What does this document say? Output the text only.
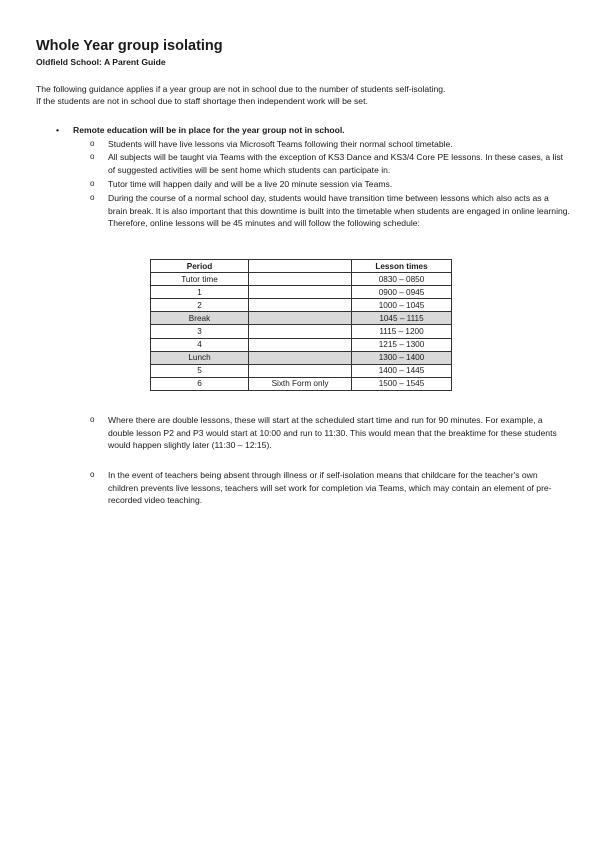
Whole Year group isolating
Oldfield School: A Parent Guide

The following guidance applies if a year group are not in school due to the number of students self-isolating.

If the students are not in school due to staff shortage then independent work will be set.

• Remote education will be in place for the year group not in school.
o Students will have live lessons via Microsoft Teams following their normal school timetable.
o All subjects will be taught via Teams with the exception of KS3 Dance and KS3/4 Core PE lessons. In these cases, a list of suggested activities will be sent home which students can participate in.
o Tutor time will happen daily and will be a live 20 minute session via Teams.
o During the course of a normal school day, students would have transition time between lessons which also acts as a brain break. It is also important that this downtime is built into the timetable when students are engaged in online learning. Therefore, online lessons will be 45 minutes and will follow the following schedule:
Period		Lesson times
Tutor time		0830 – 0850
1		0900 – 0945
2		1000 – 1045
Break		1045 – 1115
3		1115 – 1200
4		1215 – 1300
Lunch		1300 – 1400
5		1400 – 1445
6	Sixth Form only	1500 – 1545
o Where there are double lessons, these will start at the scheduled start time and run for 90 minutes. For example, a double lesson P2 and P3 would start at 10:00 and run to 11:30. This would mean that the breaktime for these students would happen slightly later (11:30 – 12:15).
o In the event of teachers being absent through illness or if self-isolation means that childcare for the teacher's own children prevents live lessons, teachers will set work for completion via Teams, which may contain an element of pre-recorded video teaching.
